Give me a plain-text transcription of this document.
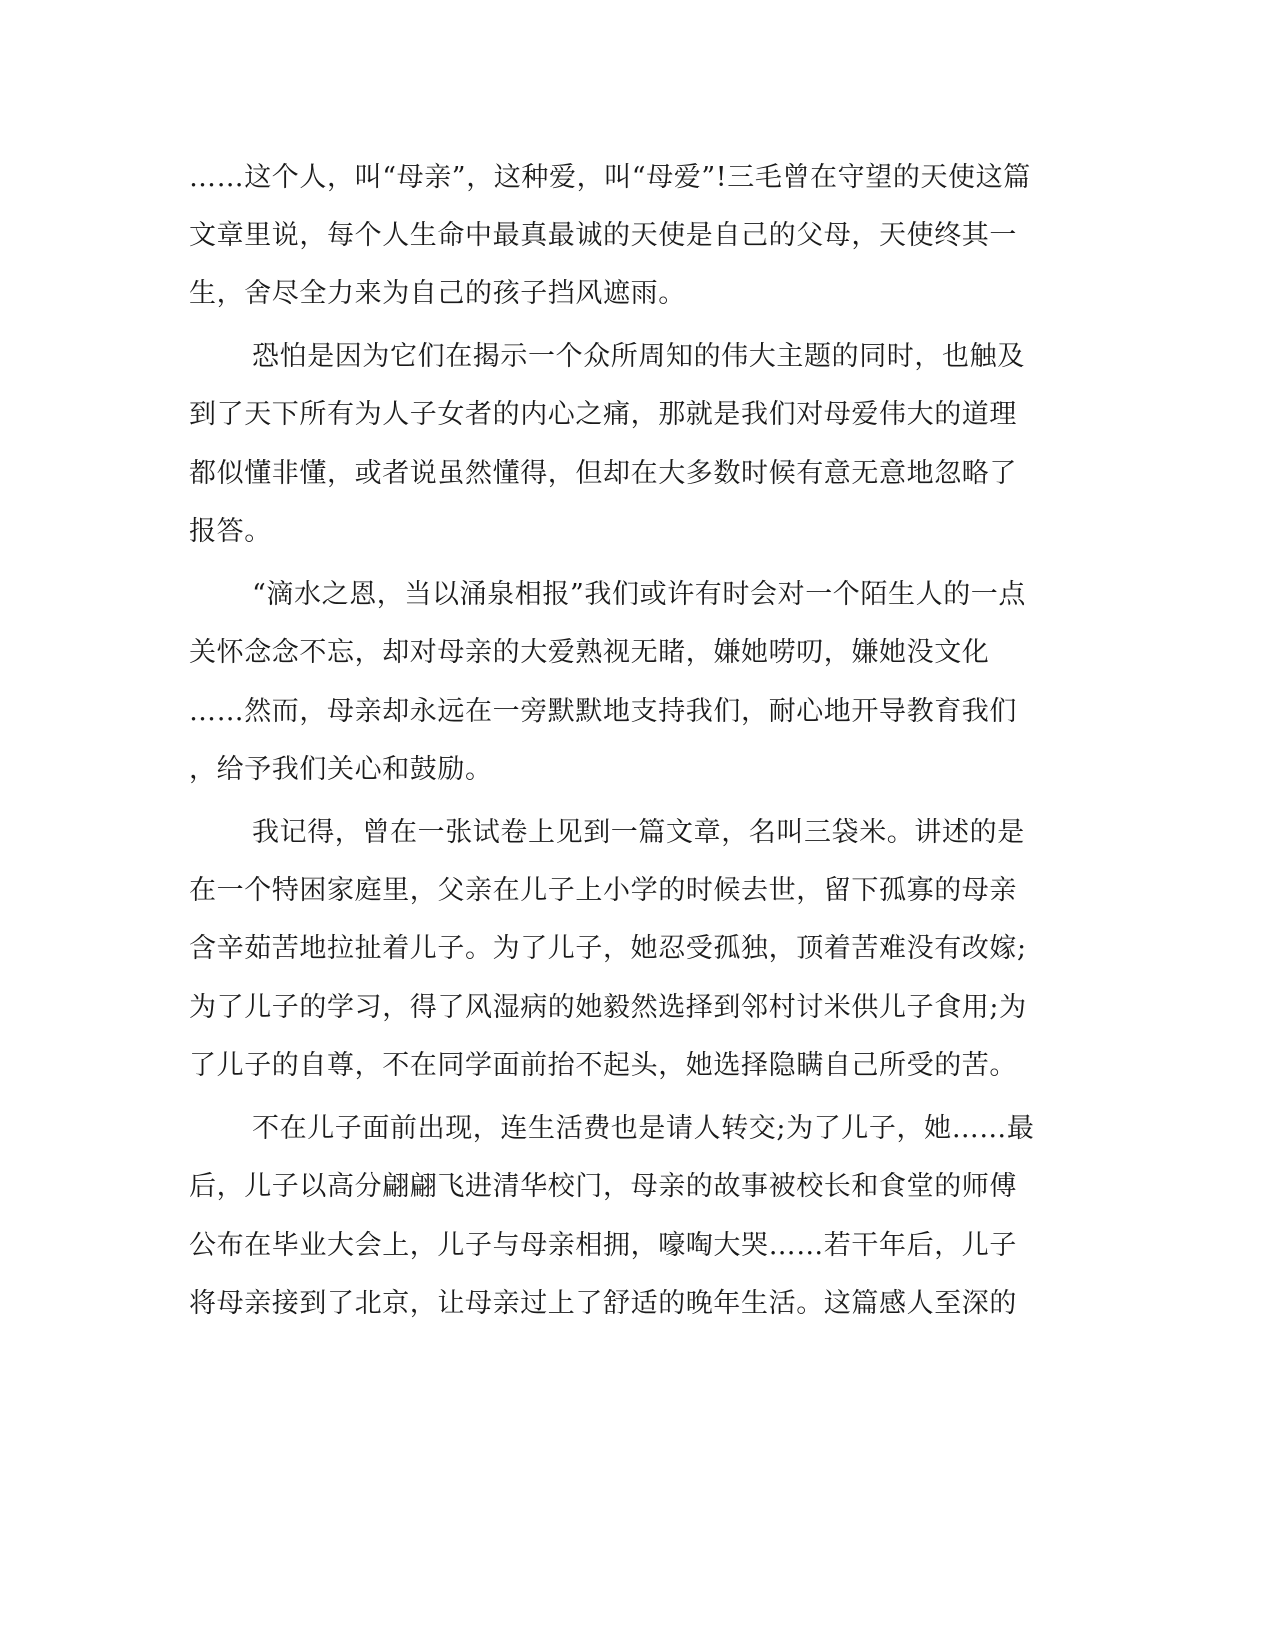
……这个人，叫“母亲”，这种爱，叫“母爱”!三毛曾在守望的天使这篇
文章里说，每个人生命中最真最诚的天使是自己的父母，天使终其一
生，舍尽全力来为自己的孩子挡风遮雨。
恐怕是因为它们在揭示一个众所周知的伟大主题的同时，也触及
到了天下所有为人子女者的内心之痛，那就是我们对母爱伟大的道理
都似懂非懂，或者说虽然懂得，但却在大多数时候有意无意地忽略了
报答。
“滴水之恩，当以涌泉相报”我们或许有时会对一个陌生人的一点
关怀念念不忘，却对母亲的大爱熟视无睹，嫌她唠叨，嫌她没文化
……然而，母亲却永远在一旁默默地支持我们，耐心地开导教育我们
，给予我们关心和鼓励。
我记得，曾在一张试卷上见到一篇文章，名叫三袋米。讲述的是
在一个特困家庭里，父亲在儿子上小学的时候去世，留下孤寡的母亲
含辛茹苦地拉扯着儿子。为了儿子，她忍受孤独，顶着苦难没有改嫁;
为了儿子的学习，得了风湿病的她毅然选择到邻村讨米供儿子食用;为
了儿子的自尊，不在同学面前抬不起头，她选择隐瞒自己所受的苦。
不在儿子面前出现，连生活费也是请人转交;为了儿子，她……最
后，儿子以高分翩翩飞进清华校门，母亲的故事被校长和食堂的师傅
公布在毕业大会上，儿子与母亲相拥，嚎啕大哭……若干年后，儿子
将母亲接到了北京，让母亲过上了舒适的晚年生活。这篇感人至深的
